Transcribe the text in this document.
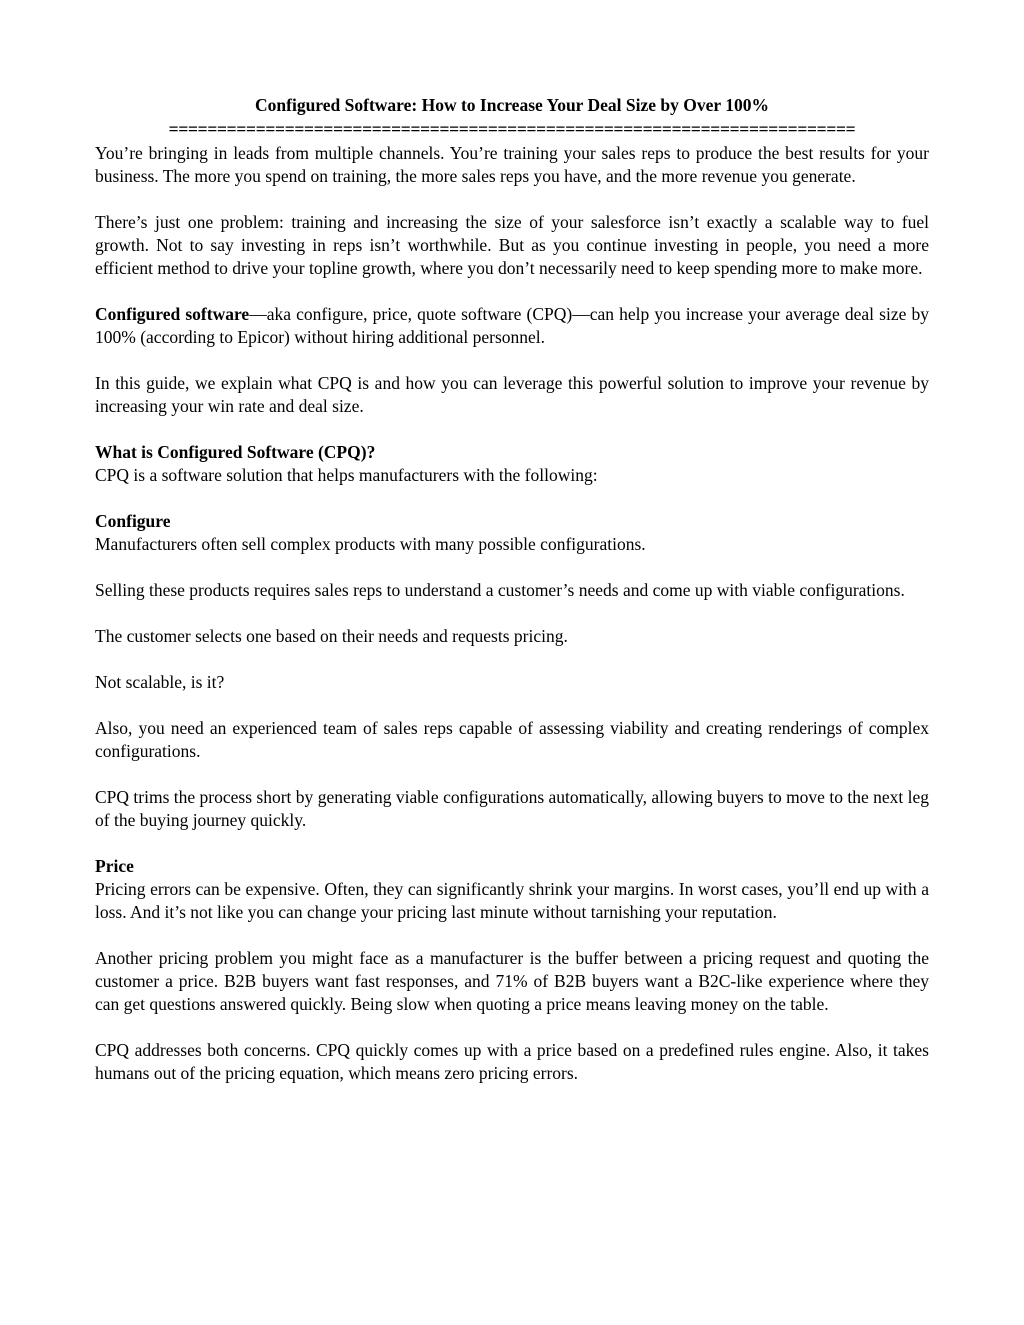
Configured Software: How to Increase Your Deal Size by Over 100%
=======================================================================

You’re bringing in leads from multiple channels. You’re training your sales reps to produce the best results for your business. The more you spend on training, the more sales reps you have, and the more revenue you generate.

There’s just one problem: training and increasing the size of your salesforce isn’t exactly a scalable way to fuel growth. Not to say investing in reps isn’t worthwhile. But as you continue investing in people, you need a more efficient method to drive your topline growth, where you don’t necessarily need to keep spending more to make more.

Configured software—aka configure, price, quote software (CPQ)—can help you increase your average deal size by 100% (according to Epicor) without hiring additional personnel.

In this guide, we explain what CPQ is and how you can leverage this powerful solution to improve your revenue by increasing your win rate and deal size.

What is Configured Software (CPQ)?

CPQ is a software solution that helps manufacturers with the following:

Configure

Manufacturers often sell complex products with many possible configurations.

Selling these products requires sales reps to understand a customer’s needs and come up with viable configurations.

The customer selects one based on their needs and requests pricing.

Not scalable, is it?

Also, you need an experienced team of sales reps capable of assessing viability and creating renderings of complex configurations.

CPQ trims the process short by generating viable configurations automatically, allowing buyers to move to the next leg of the buying journey quickly.

Price

Pricing errors can be expensive. Often, they can significantly shrink your margins. In worst cases, you’ll end up with a loss. And it’s not like you can change your pricing last minute without tarnishing your reputation.

Another pricing problem you might face as a manufacturer is the buffer between a pricing request and quoting the customer a price. B2B buyers want fast responses, and 71% of B2B buyers want a B2C-like experience where they can get questions answered quickly. Being slow when quoting a price means leaving money on the table.

CPQ addresses both concerns. CPQ quickly comes up with a price based on a predefined rules engine. Also, it takes humans out of the pricing equation, which means zero pricing errors.
